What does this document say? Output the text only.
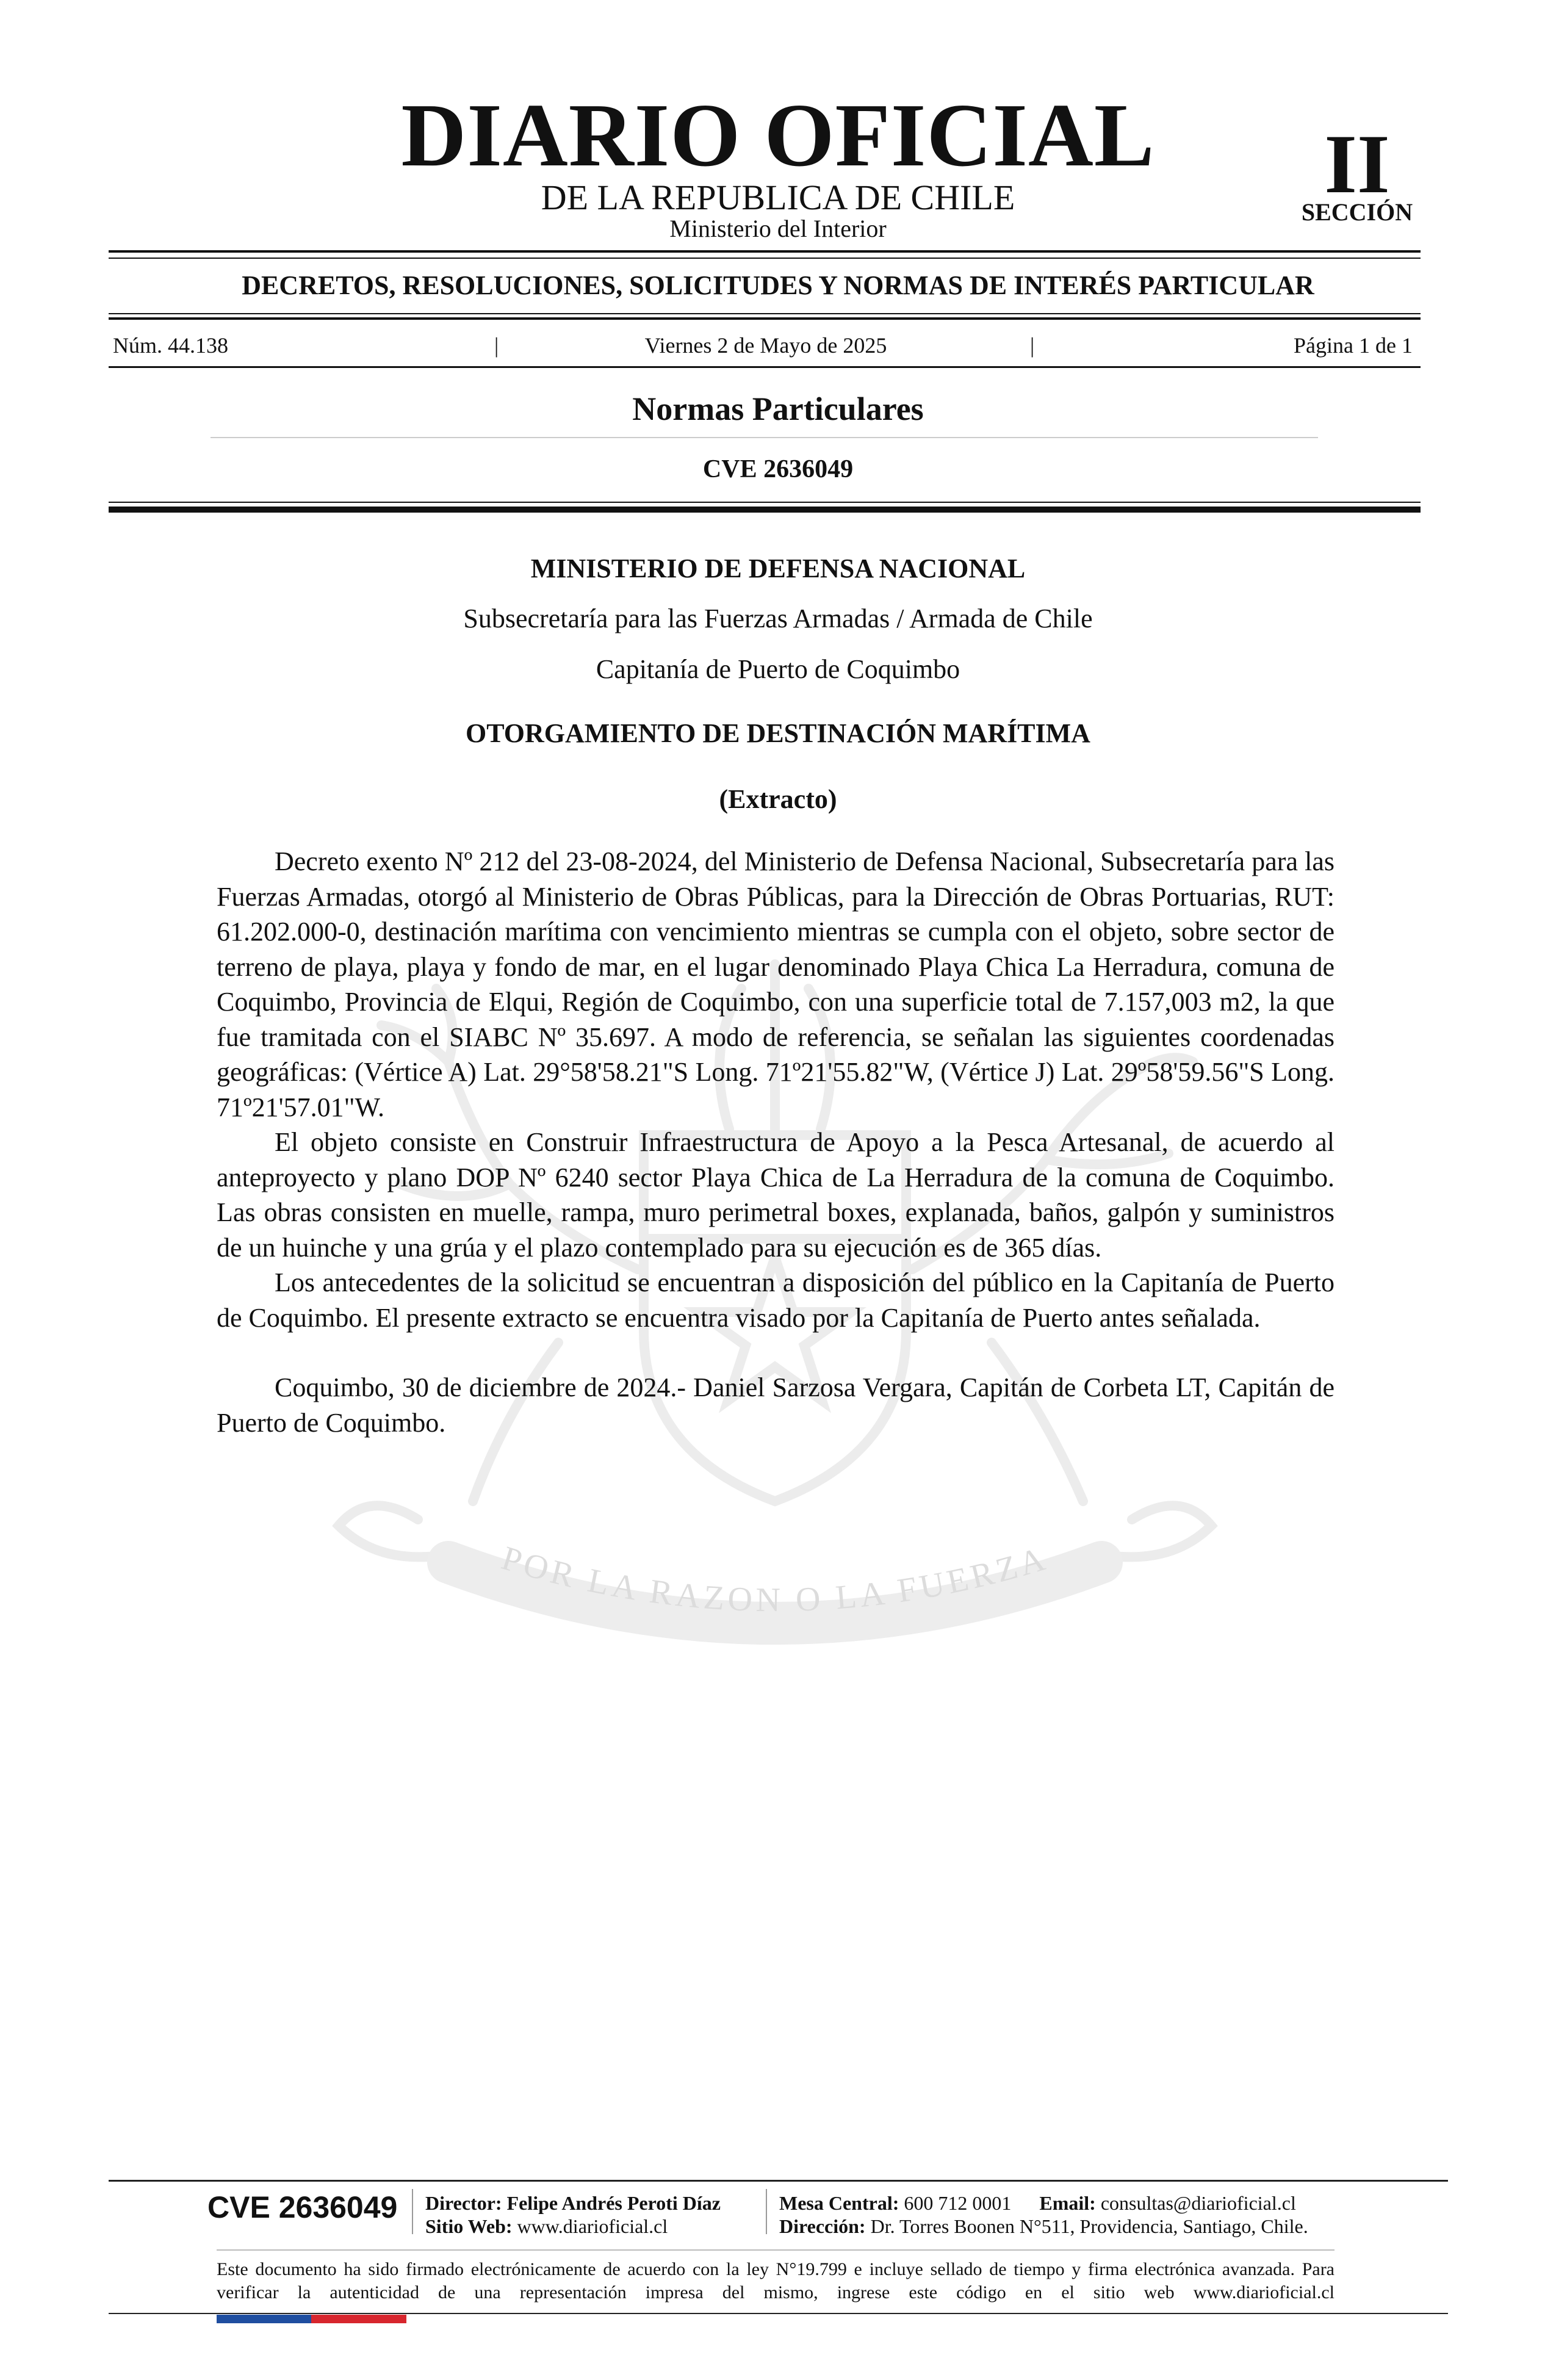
POR LA RAZON O LA FUERZA
DIARIO OFICIAL
DE LA REPUBLICA DE CHILE
Ministerio del Interior
II
SECCIÓN
DECRETOS, RESOLUCIONES, SOLICITUDES Y NORMAS DE INTERÉS PARTICULAR
Núm. 44.138	|	Viernes 2 de Mayo de 2025	|	Página 1 de 1
Normas Particulares
CVE 2636049
MINISTERIO DE DEFENSA NACIONAL
Subsecretaría para las Fuerzas Armadas / Armada de Chile
Capitanía de Puerto de Coquimbo
OTORGAMIENTO DE DESTINACIÓN MARÍTIMA
(Extracto)

Decreto exento Nº 212 del 23-08-2024, del Ministerio de Defensa Nacional, Subsecretaría para las Fuerzas Armadas, otorgó al Ministerio de Obras Públicas, para la Dirección de Obras Portuarias, RUT: 61.202.000-0, destinación marítima con vencimiento mientras se cumpla con el objeto, sobre sector de terreno de playa, playa y fondo de mar, en el lugar denominado Playa Chica La Herradura, comuna de Coquimbo, Provincia de Elqui, Región de Coquimbo, con una superficie total de 7.157,003 m2, la que fue tramitada con el SIABC Nº 35.697. A modo de referencia, se señalan las siguientes coordenadas geográficas: (Vértice A) Lat. 29°58'58.21"S Long. 71º21'55.82"W, (Vértice J) Lat. 29º58'59.56"S Long. 71º21'57.01"W.

El objeto consiste en Construir Infraestructura de Apoyo a la Pesca Artesanal, de acuerdo al anteproyecto y plano DOP Nº 6240 sector Playa Chica de La Herradura de la comuna de Coquimbo. Las obras consisten en muelle, rampa, muro perimetral boxes, explanada, baños, galpón y suministros de un huinche y una grúa y el plazo contemplado para su ejecución es de 365 días.

Los antecedentes de la solicitud se encuentran a disposición del público en la Capitanía de Puerto de Coquimbo. El presente extracto se encuentra visado por la Capitanía de Puerto antes señalada.

Coquimbo, 30 de diciembre de 2024.- Daniel Sarzosa Vergara, Capitán de Corbeta LT, Capitán de Puerto de Coquimbo.

CVE 2636049 Director: Felipe Andrés Peroti Díaz
Sitio Web: www.diarioficial.cl
Mesa Central: 600 712 0001 Email: consultas@diarioficial.cl
Dirección: Dr. Torres Boonen N°511, Providencia, Santiago, Chile.
Este documento ha sido firmado electrónicamente de acuerdo con la ley N°19.799 e incluye sellado de tiempo y firma electrónica avanzada. Para verificar la autenticidad de una representación impresa del mismo, ingrese este código en el sitio web www.diarioficial.cl
